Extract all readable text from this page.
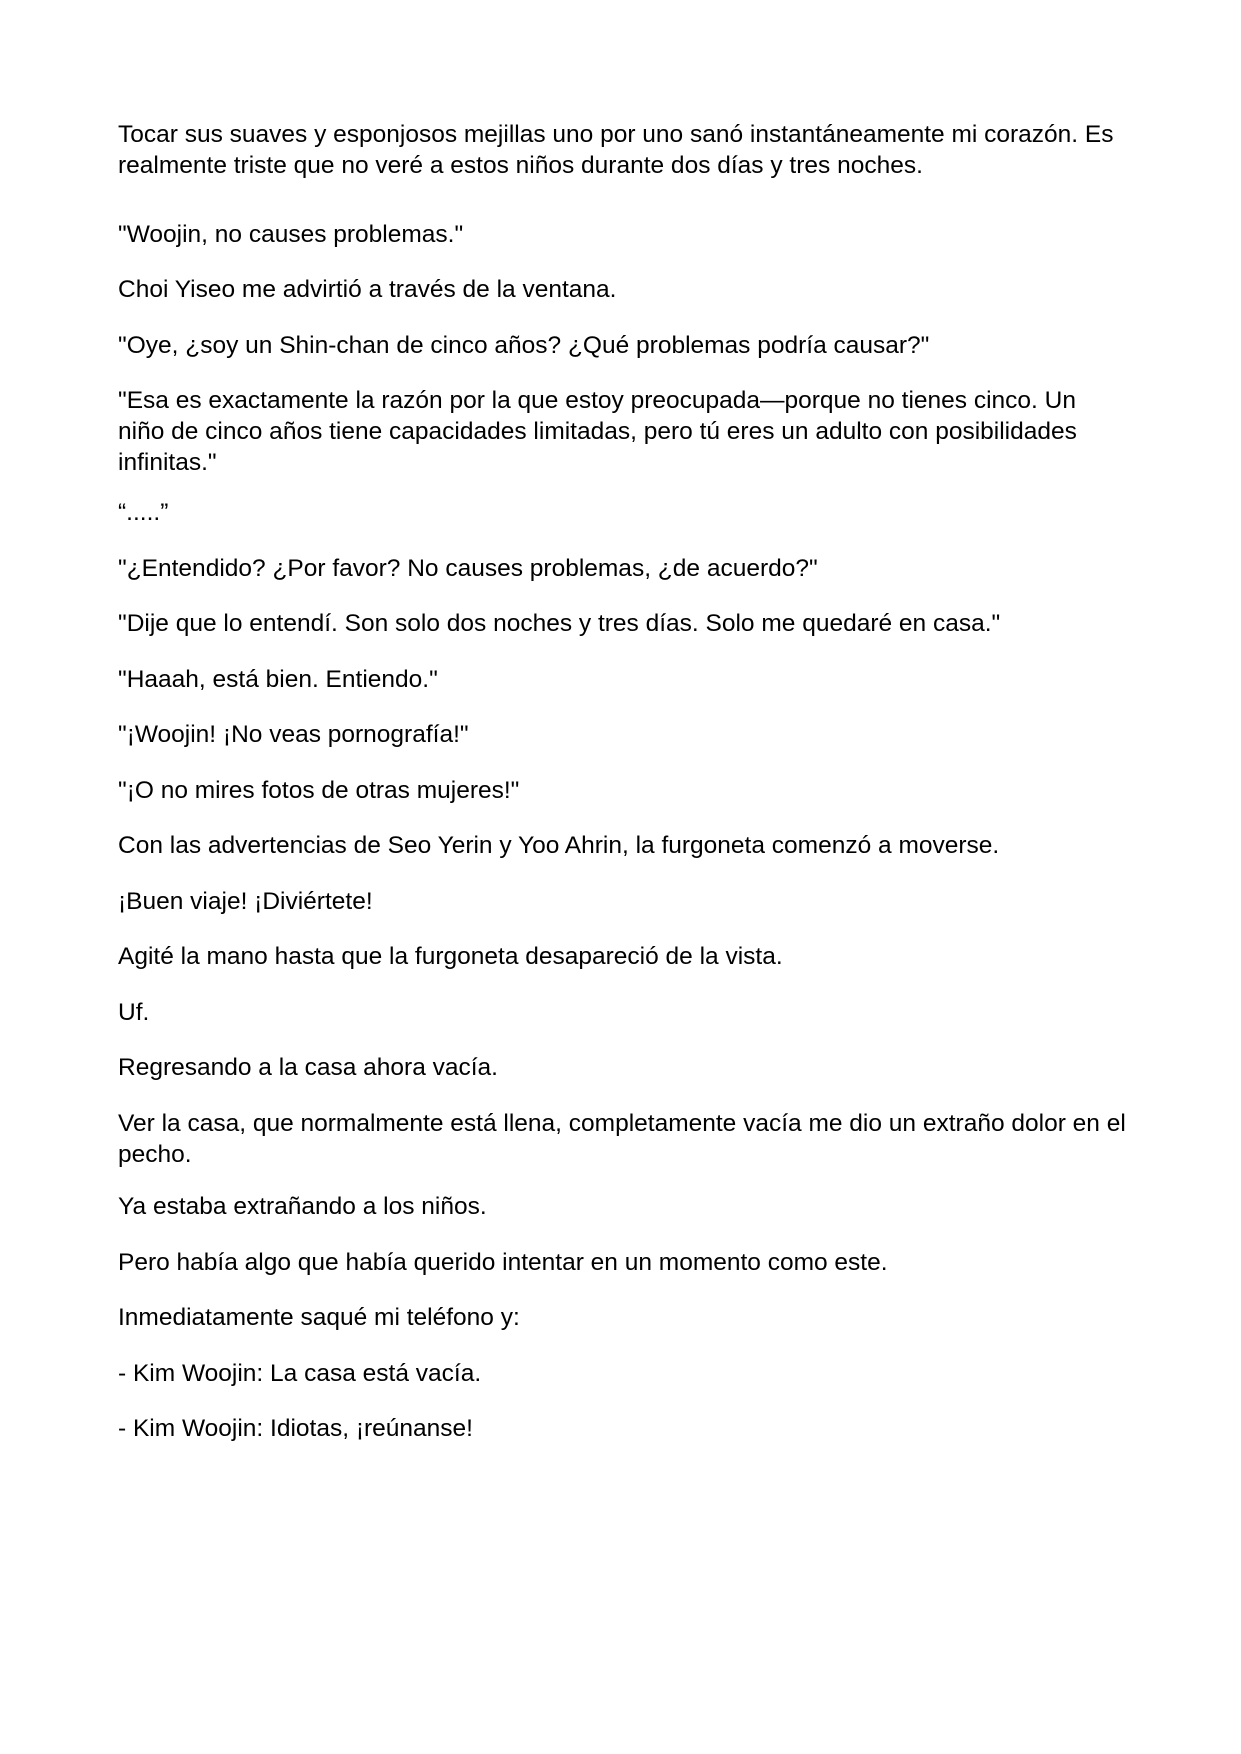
Tocar sus suaves y esponjosos mejillas uno por uno sanó instantáneamente mi corazón. Es realmente triste que no veré a estos niños durante dos días y tres noches.

"Woojin, no causes problemas."

Choi Yiseo me advirtió a través de la ventana.

"Oye, ¿soy un Shin-chan de cinco años? ¿Qué problemas podría causar?"

"Esa es exactamente la razón por la que estoy preocupada—porque no tienes cinco. Un niño de cinco años tiene capacidades limitadas, pero tú eres un adulto con posibilidades infinitas."

“.....”

"¿Entendido? ¿Por favor? No causes problemas, ¿de acuerdo?"

"Dije que lo entendí. Son solo dos noches y tres días. Solo me quedaré en casa."

"Haaah, está bien. Entiendo."

"¡Woojin! ¡No veas pornografía!"

"¡O no mires fotos de otras mujeres!"

Con las advertencias de Seo Yerin y Yoo Ahrin, la furgoneta comenzó a moverse.

¡Buen viaje! ¡Diviértete!

Agité la mano hasta que la furgoneta desapareció de la vista.

Uf.

Regresando a la casa ahora vacía.

Ver la casa, que normalmente está llena, completamente vacía me dio un extraño dolor en el pecho.

Ya estaba extrañando a los niños.

Pero había algo que había querido intentar en un momento como este.

Inmediatamente saqué mi teléfono y:

- Kim Woojin: La casa está vacía.

- Kim Woojin: Idiotas, ¡reúnanse!
